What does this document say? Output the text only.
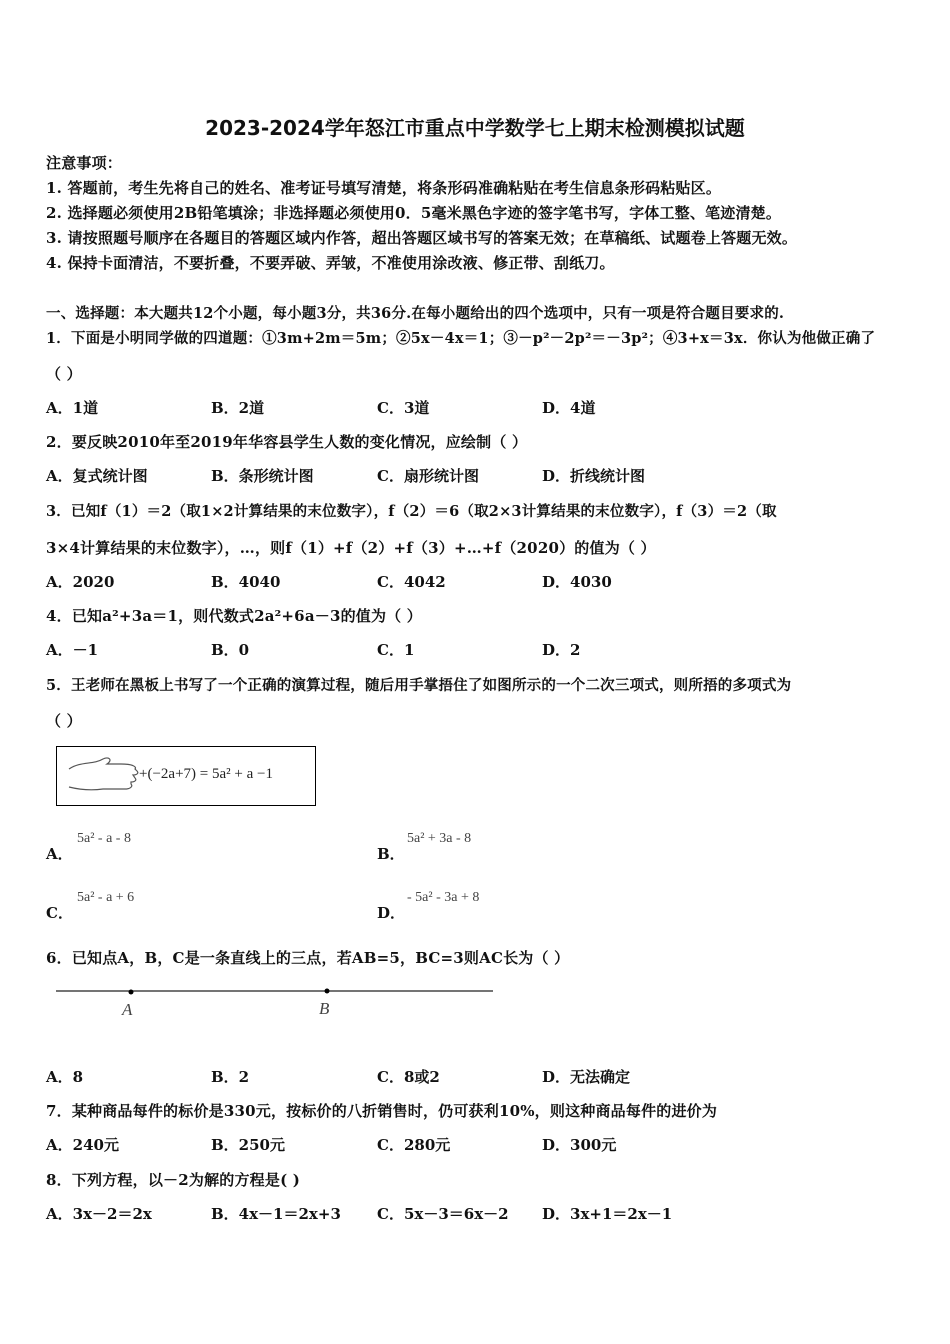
2023-2024学年怒江市重点中学数学七上期末检测模拟试题
注意事项：
1. 答题前，考生先将自己的姓名、准考证号填写清楚，将条形码准确粘贴在考生信息条形码粘贴区。
2. 选择题必须使用2B铅笔填涂；非选择题必须使用0．5毫米黑色字迹的签字笔书写，字体工整、笔迹清楚。
3. 请按照题号顺序在各题目的答题区域内作答，超出答题区域书写的答案无效；在草稿纸、试题卷上答题无效。
4. 保持卡面清洁，不要折叠，不要弄破、弄皱，不准使用涂改液、修正带、刮纸刀。
一、选择题：本大题共12个小题，每小题3分，共36分.在每小题给出的四个选项中，只有一项是符合题目要求的.
1．下面是小明同学做的四道题：①3m+2m＝5m；②5x－4x＝1；③－p²－2p²＝－3p²；④3+x＝3x．你认为他做正确了
（ ）
A．1道	B．2道	C．3道	D．4道
2．要反映2010年至2019年华容县学生人数的变化情况，应绘制（ ）
A．复式统计图	B．条形统计图	C．扇形统计图	D．折线统计图
3．已知f（1）＝2（取1×2计算结果的末位数字），f（2）＝6（取2×3计算结果的末位数字），f（3）＝2（取
3×4计算结果的末位数字），…，则f（1）+f（2）+f（3）+…+f（2020）的值为（ ）
A．2020	B．4040	C．4042	D．4030
4．已知a²+3a＝1，则代数式2a²+6a－3的值为（ ）
A．－1	B．0	C．1	D．2
5．王老师在黑板上书写了一个正确的演算过程，随后用手掌捂住了如图所示的一个二次三项式，则所捂的多项式为
（ ）
+(−2a+7) = 5a² + a −1
A．
5a² - a - 8
B．
5a² + 3a - 8
C．
5a² - a + 6
D．
- 5a² - 3a + 8
6．已知点A，B，C是一条直线上的三点，若AB=5，BC=3则AC长为（ ）
A	B
A．8	B．2	C．8或2	D．无法确定
7．某种商品每件的标价是330元，按标价的八折销售时，仍可获利10%，则这种商品每件的进价为
A．240元	B．250元	C．280元	D．300元
8．下列方程，以－2为解的方程是( )
A．3x－2＝2x	B．4x－1＝2x+3 C．5x－3＝6x－2 D．3x+1＝2x－1
